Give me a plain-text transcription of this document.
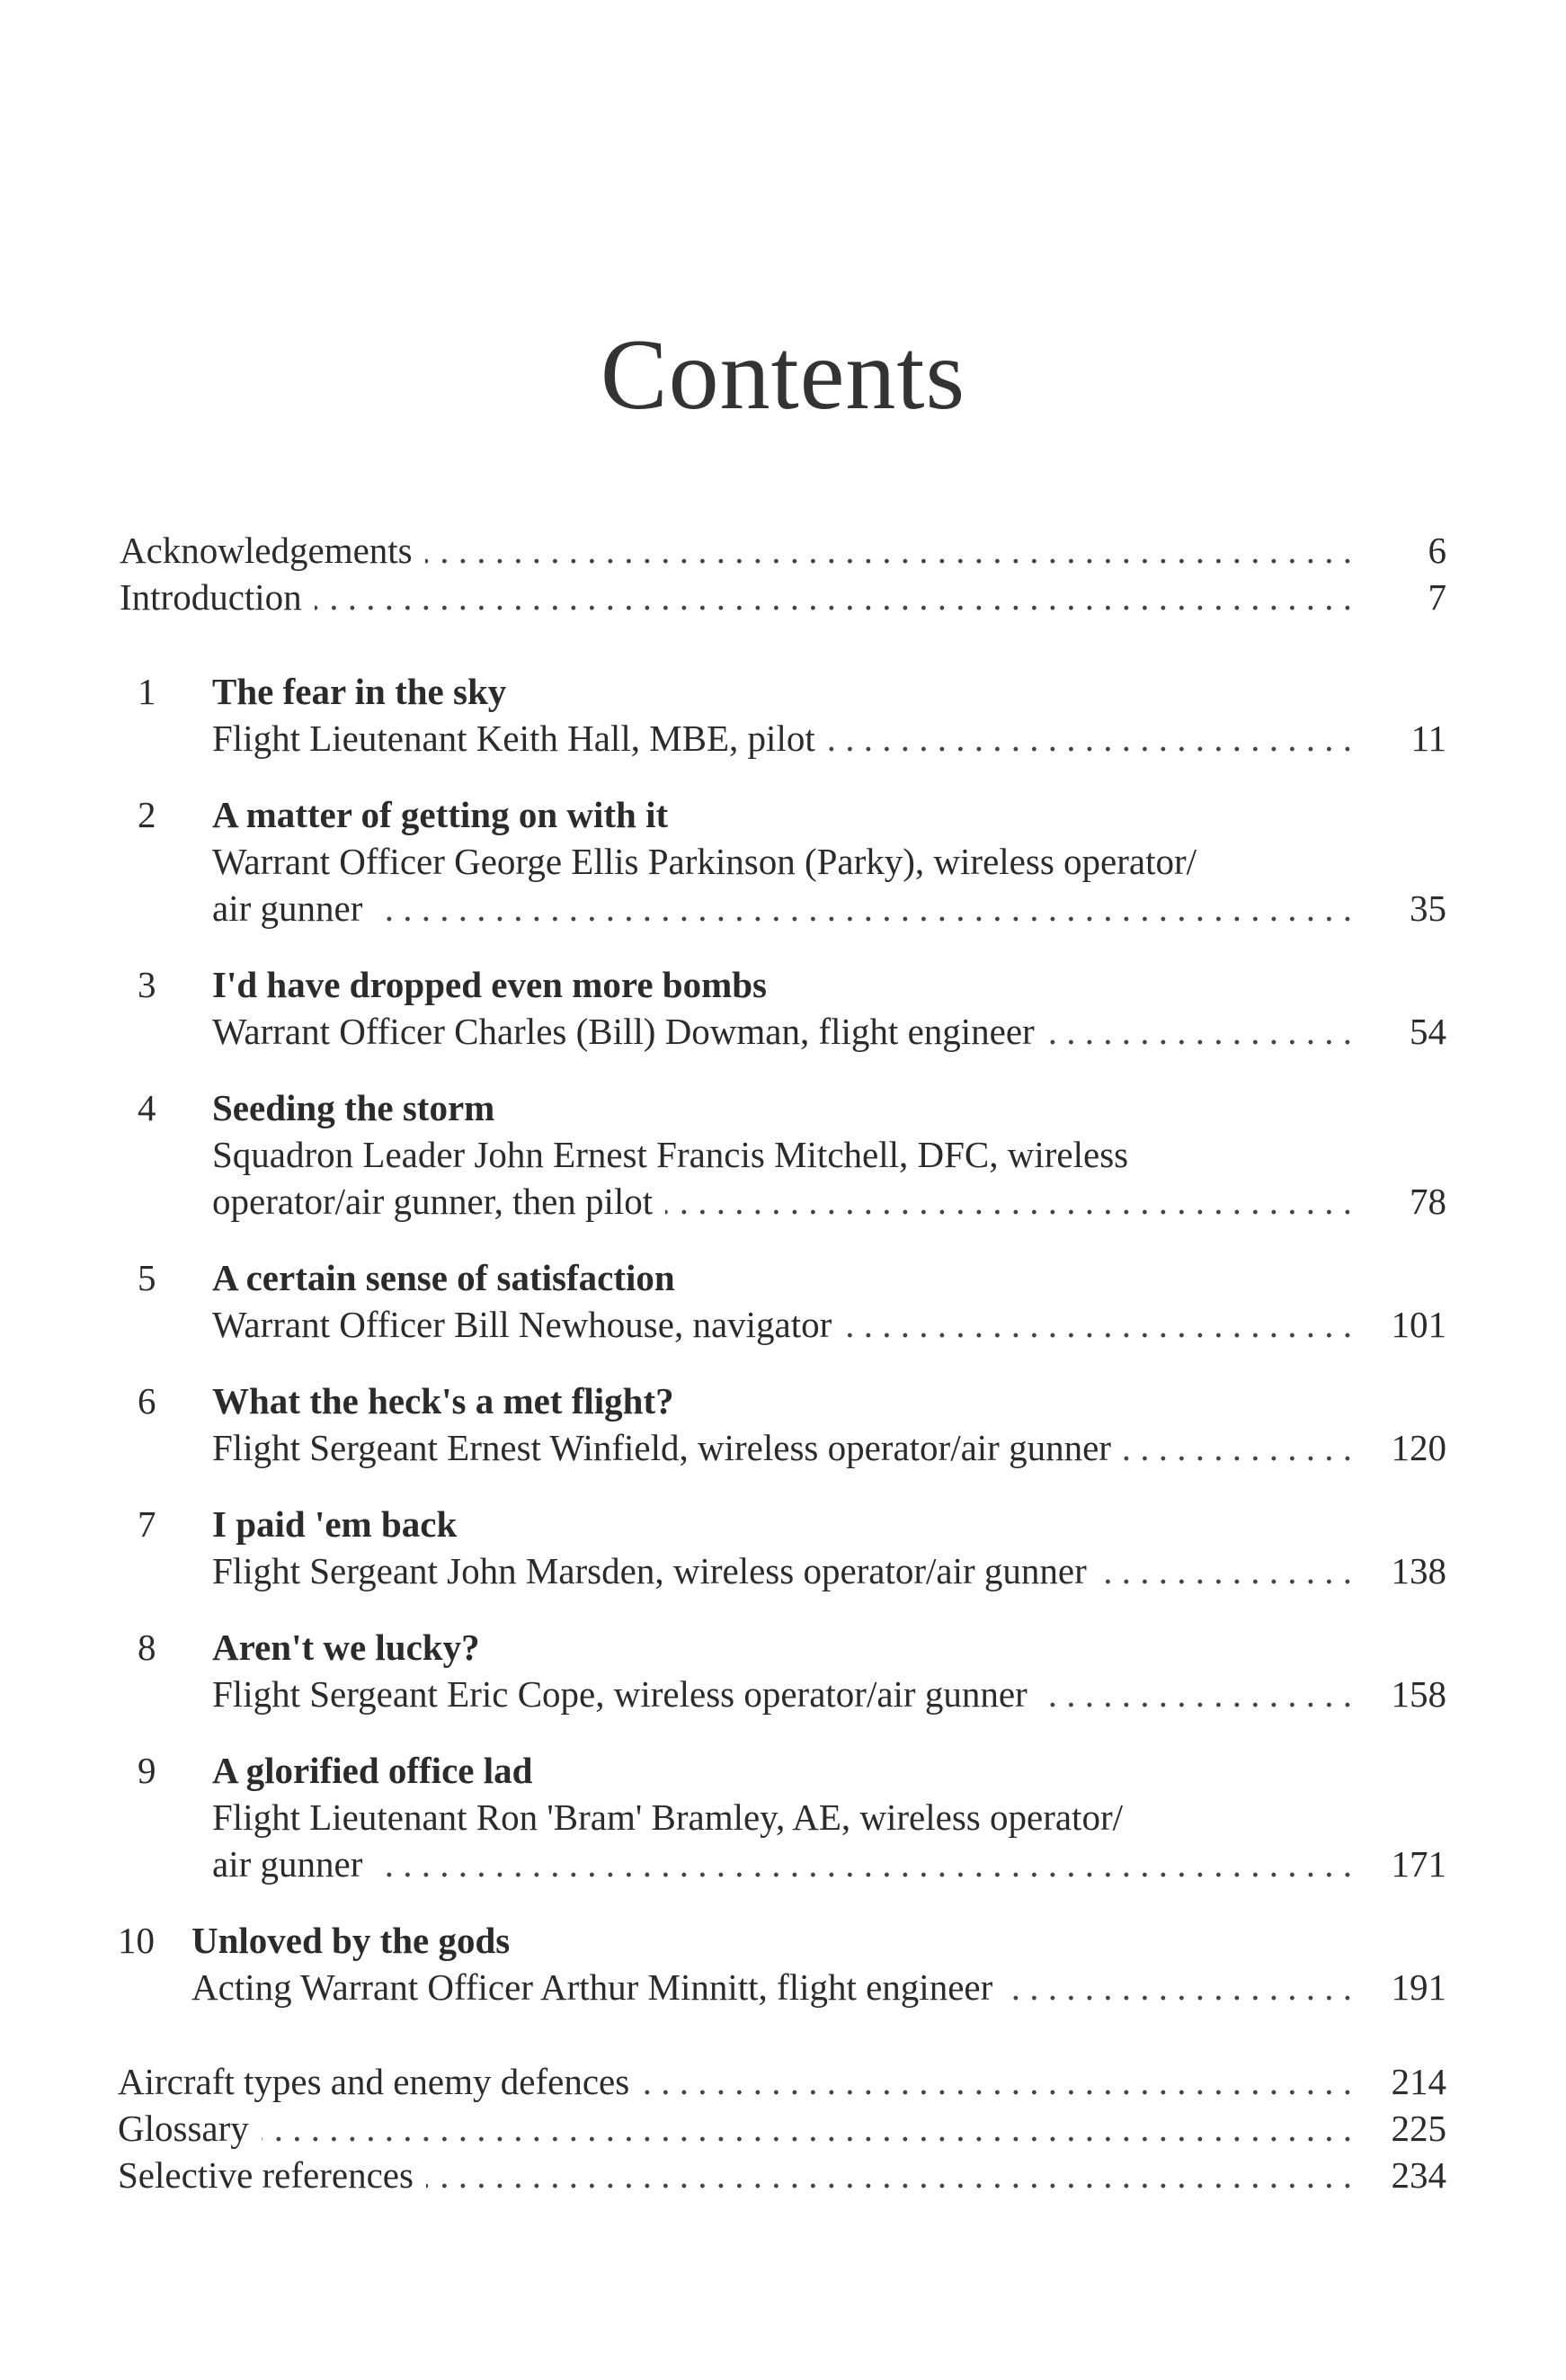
Contents
Acknowledgements . . .	6
Introduction . . .	7
1 The fear in the sky
Flight Lieutenant Keith Hall, MBE, pilot . . .	11
2 A matter of getting on with it
Warrant Officer George Ellis Parkinson (Parky), wireless operator/
air gunner . . .	35
3 I'd have dropped even more bombs
Warrant Officer Charles (Bill) Dowman, flight engineer . . .	54
4 Seeding the storm
Squadron Leader John Ernest Francis Mitchell, DFC, wireless
operator/air gunner, then pilot . . .	78
5 A certain sense of satisfaction
Warrant Officer Bill Newhouse, navigator . . .	101
6 What the heck's a met flight?
Flight Sergeant Ernest Winfield, wireless operator/air gunner . . .	120
7 I paid 'em back
Flight Sergeant John Marsden, wireless operator/air gunner . . .	138
8 Aren't we lucky?
Flight Sergeant Eric Cope, wireless operator/air gunner . . .	158
9 A glorified office lad
Flight Lieutenant Ron 'Bram' Bramley, AE, wireless operator/
air gunner . . .	171
10 Unloved by the gods
Acting Warrant Officer Arthur Minnitt, flight engineer . . .	191
Aircraft types and enemy defences . . .	214
Glossary . . .	225
Selective references . . .	234
